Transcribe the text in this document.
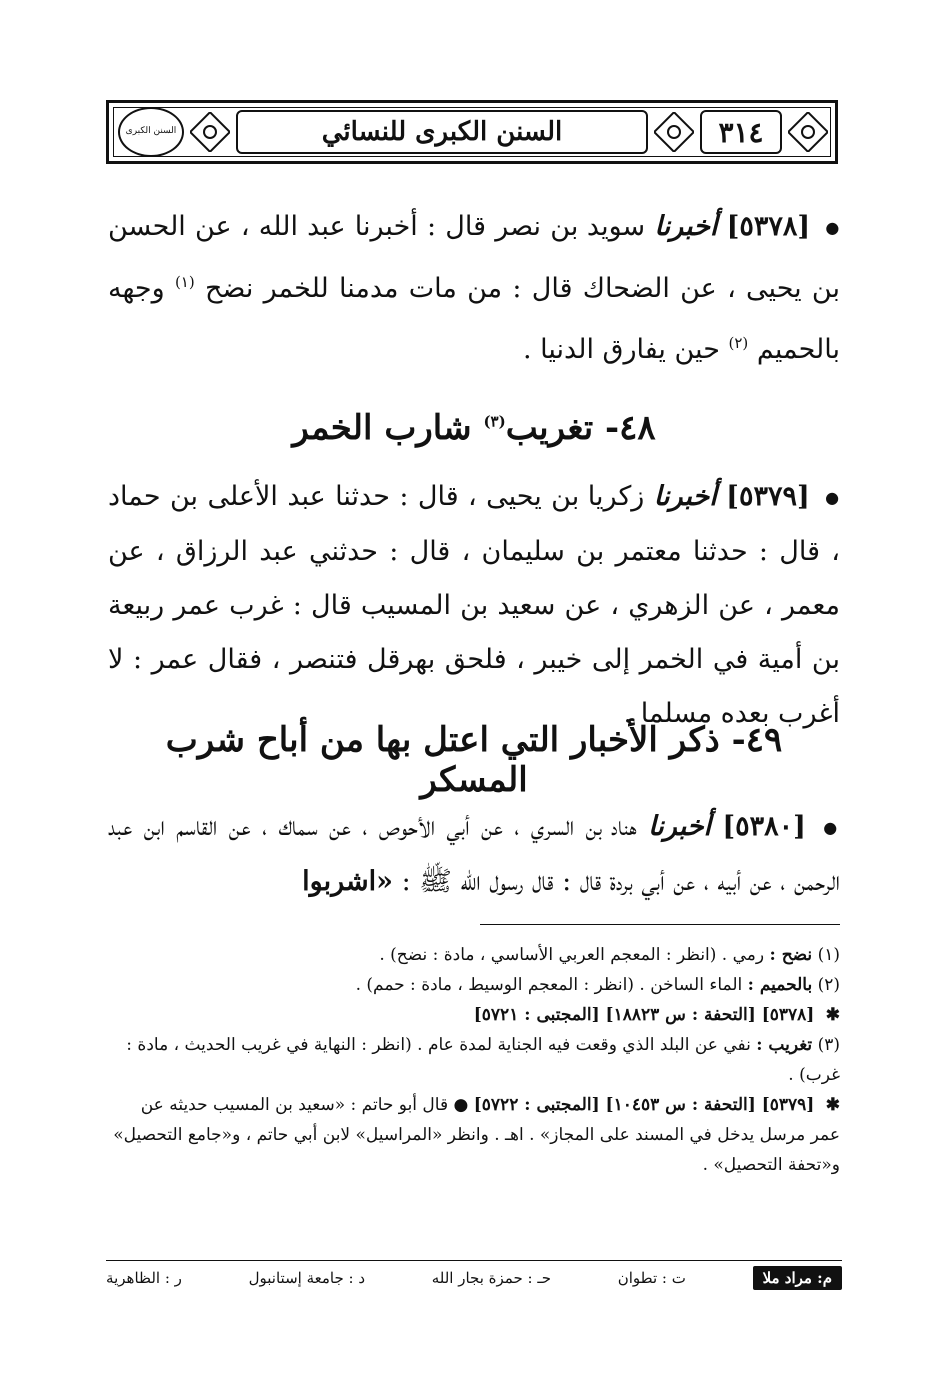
السنن الكبرى	السنن الكبرى للنسائي	٣١٤
● [٥٣٧٨] أخبرنا سويد بن نصر قال : أخبرنا عبد الله ، عن الحسن بن يحيى ، عن الضحاك قال : من مات مدمنا للخمر نضح $^{(١)}$ وجهه بالحميم $^{(٢)}$ حين يفارق الدنيا .
٤٨- تغريب$^{(٣)}$ شارب الخمر
● [٥٣٧٩] أخبرنا زكريا بن يحيى ، قال : حدثنا عبد الأعلى بن حماد ، قال : حدثنا معتمر بن سليمان ، قال : حدثني عبد الرزاق ، عن معمر ، عن الزهري ، عن سعيد بن المسيب قال : غرب عمر ربيعة بن أمية في الخمر إلى خيبر ، فلحق بهرقل فتنصر ، فقال عمر : لا أغرب بعده مسلما .
٤٩- ذكر الأخبار التي اعتل بها من أباح شرب المسكر
● [٥٣٨٠] أخبرنا هناد بن السري ، عن أبي الأحوص ، عن سماك ، عن القاسم ابن عبد الرحمن ، عن أبيه ، عن أبي بردة قال : قال رسول الله ﷺ : «اشربوا
(١) نضح : رمي . (انظر : المعجم العربي الأساسي ، مادة : نضح) .
(٢) بالحميم : الماء الساخن . (انظر : المعجم الوسيط ، مادة : حمم) .
✱ [٥٣٧٨] [التحفة : س ١٨٨٢٣] [المجتبى : ٥٧٢١]
(٣) تغريب : نفي عن البلد الذي وقعت فيه الجناية لمدة عام . (انظر : النهاية في غريب الحديث ، مادة : غرب) .
✱ [٥٣٧٩] [التحفة : س ١٠٤٥٣] [المجتبى : ٥٧٢٢] ● قال أبو حاتم : «سعيد بن المسيب حديثه عن عمر مرسل يدخل في المسند على المجاز» . اهـ . وانظر «المراسيل» لابن أبي حاتم ، و«جامع التحصيل» و«تحفة التحصيل» .
م: مراد ملا
ت : تطوان
حـ : حمزة بجار الله
د : جامعة إستانبول
ر : الظاهرية
